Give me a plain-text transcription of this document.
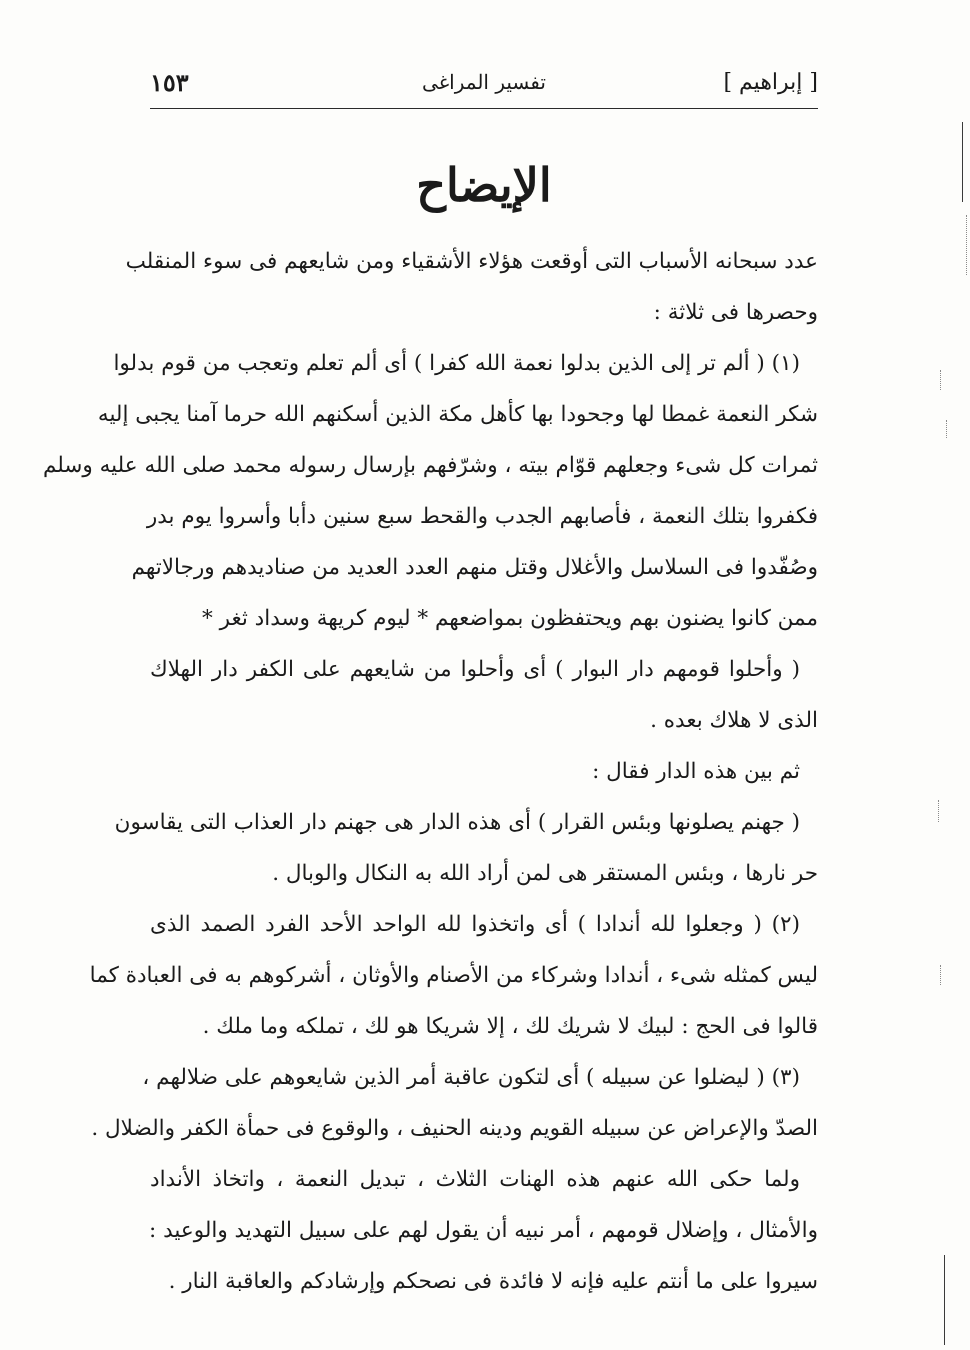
[ إبراهيم ]
تفسير المراغى
١٥٣
الإيضاح
عدد سبحانه الأسباب التى أوقعت هؤلاء الأشقياء ومن شايعهم فى سوء المنقلب
وحصرها فى ثلاثة :
(١) ( ألم تر إلى الذين بدلوا نعمة الله كفرا ) أى ألم تعلم وتعجب من قوم بدلوا
شكر النعمة غمطا لها وجحودا بها كأهل مكة الذين أسكنهم الله حرما آمنا يجبى إليه
ثمرات كل شىء وجعلهم قوّام بيته ، وشرّفهم بإرسال رسوله محمد صلى الله عليه وسلم
فكفروا بتلك النعمة ، فأصابهم الجدب والقحط سبع سنين دأبا وأسروا يوم بدر
وصُفّدوا فى السلاسل والأغلال وقتل منهم العدد العديد من صناديدهم ورجالاتهم
ممن كانوا يضنون بهم ويحتفظون بمواضعهم * ليوم كريهة وسداد ثغر *
( وأحلوا قومهم دار البوار ) أى وأحلوا من شايعهم على الكفر دار الهلاك
الذى لا هلاك بعده .
ثم بين هذه الدار فقال :
( جهنم يصلونها وبئس القرار ) أى هذه الدار هى جهنم دار العذاب التى يقاسون
حر نارها ، وبئس المستقر هى لمن أراد الله به النكال والوبال .
(٢) ( وجعلوا لله أندادا ) أى واتخذوا لله الواحد الأحد الفرد الصمد الذى
ليس كمثله شىء ، أندادا وشركاء من الأصنام والأوثان ، أشركوهم به فى العبادة كما
قالوا فى الحج : لبيك لا شريك لك ، إلا شريكا هو لك ، تملكه وما ملك .
(٣) ( ليضلوا عن سبيله ) أى لتكون عاقبة أمر الذين شايعوهم على ضلالهم ،
الصدّ والإعراض عن سبيله القويم ودينه الحنيف ، والوقوع فى حمأة الكفر والضلال .
ولما حكى الله عنهم هذه الهنات الثلاث ، تبديل النعمة ، واتخاذ الأنداد
والأمثال ، وإضلال قومهم ، أمر نبيه أن يقول لهم على سبيل التهديد والوعيد :
سيروا على ما أنتم عليه فإنه لا فائدة فى نصحكم وإرشادكم والعاقبة النار .
